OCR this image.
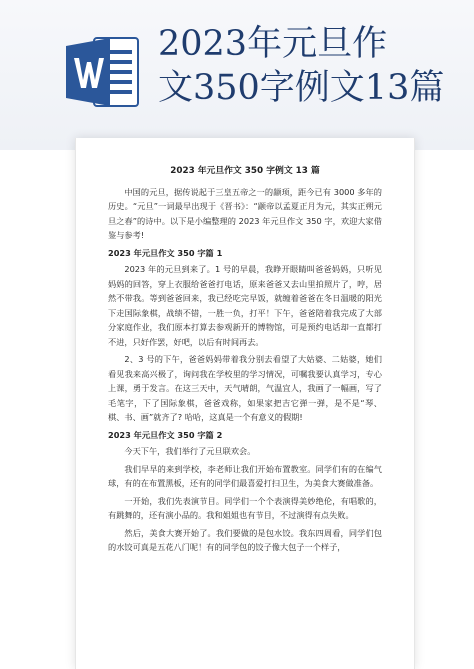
2023年元旦作
文350字例文13篇
2023 年元旦作文 350 字例文 13 篇

中国的元旦，据传说起于三皇五帝之一的颛顼，距今已有 3000 多年的历史。“元旦”一词最早出现于《晋书》：“颛帝以孟夏正月为元，其实正朔元旦之春”的诗中。以下是小编整理的 2023 年元旦作文 350 字，欢迎大家借鉴与参考!

2023 年元旦作文 350 字篇 1

2023 年的元旦到来了。1 号的早晨，我睁开眼睛叫爸爸妈妈，只听见妈妈的回答，穿上衣服给爸爸打电话，原来爸爸又去山里拍照片了，哼，居然不带我。等到爸爸回来，我已经吃完早饭，就缠着爸爸在冬日温暖的阳光下走国际象棋，战绩不错，一胜一负，打平！下午，爸爸陪着我完成了大部分家庭作业，我们原本打算去参观新开的博物馆，可是预约电话却一直都打不进，只好作罢，好吧，以后有时间再去。

2、3 号的下午，爸爸妈妈带着我分别去看望了大姑婆、二姑婆，她们看见我来高兴极了，询问我在学校里的学习情况，可嘱我要认真学习，专心上课，勇于发言。在这三天中，天气晴朗，气温宜人，我画了一幅画，写了毛笔字，下了国际象棋，爸爸戏称，如果家把吉它弹一弹，是不是“琴、棋、书、画”就齐了? 哈哈，这真是一个有意义的假期!

2023 年元旦作文 350 字篇 2

今天下午，我们举行了元旦联欢会。

我们早早的来到学校，李老师让我们开始布置教室。同学们有的在编气球，有的在布置黑板，还有的同学们最喜爱打扫卫生，为美食大赛做准备。

一开始，我们先表演节目。同学们一个个表演得美妙绝伦，有唱歌的，有跳舞的，还有演小品的。我和姐姐也有节目，不过演得有点失败。

然后，美食大赛开始了。我们要做的是包水饺。我东四周看，同学们包的水饺可真是五花八门呢！有的同学包的饺子像大包子一个样子，
